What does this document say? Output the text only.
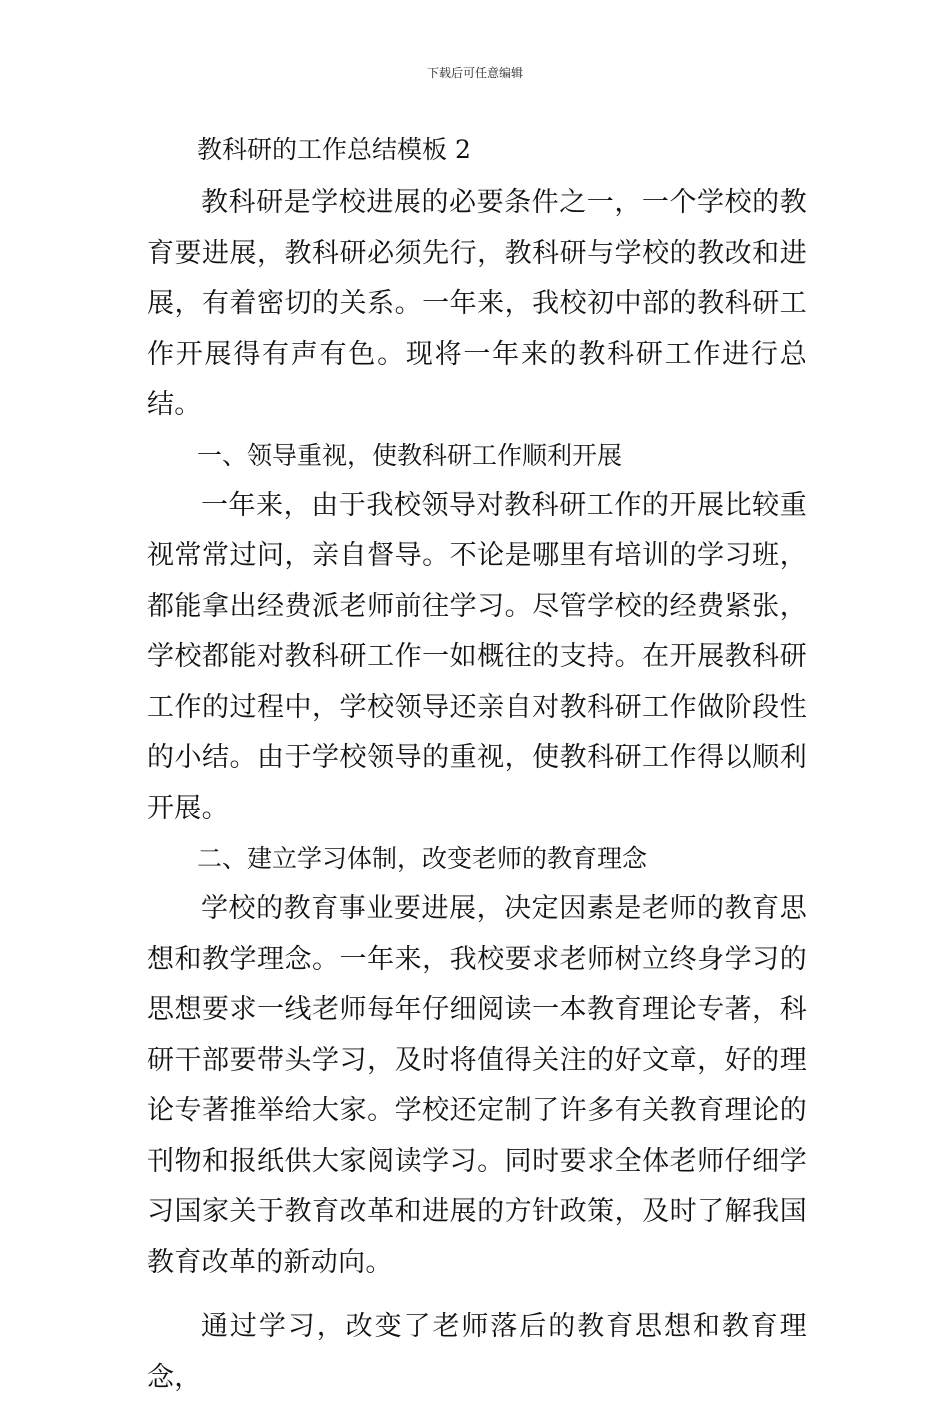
下载后可任意编辑
教科研的工作总结模板 2

教科研是学校进展的必要条件之一，一个学校的教育要进展，教科研必须先行，教科研与学校的教改和进展，有着密切的关系。一年来，我校初中部的教科研工作开展得有声有色。现将一年来的教科研工作进行总结。

一、领导重视，使教科研工作顺利开展

一年来，由于我校领导对教科研工作的开展比较重视常常过问，亲自督导。不论是哪里有培训的学习班，都能拿出经费派老师前往学习。尽管学校的经费紧张，学校都能对教科研工作一如概往的支持。在开展教科研工作的过程中，学校领导还亲自对教科研工作做阶段性的小结。由于学校领导的重视，使教科研工作得以顺利开展。

二、建立学习体制，改变老师的教育理念

学校的教育事业要进展，决定因素是老师的教育思想和教学理念。一年来，我校要求老师树立终身学习的思想要求一线老师每年仔细阅读一本教育理论专著，科研干部要带头学习，及时将值得关注的好文章，好的理论专著推举给大家。学校还定制了许多有关教育理论的刊物和报纸供大家阅读学习。同时要求全体老师仔细学习国家关于教育改革和进展的方针政策，及时了解我国教育改革的新动向。

通过学习，改变了老师落后的教育思想和教育理念，
